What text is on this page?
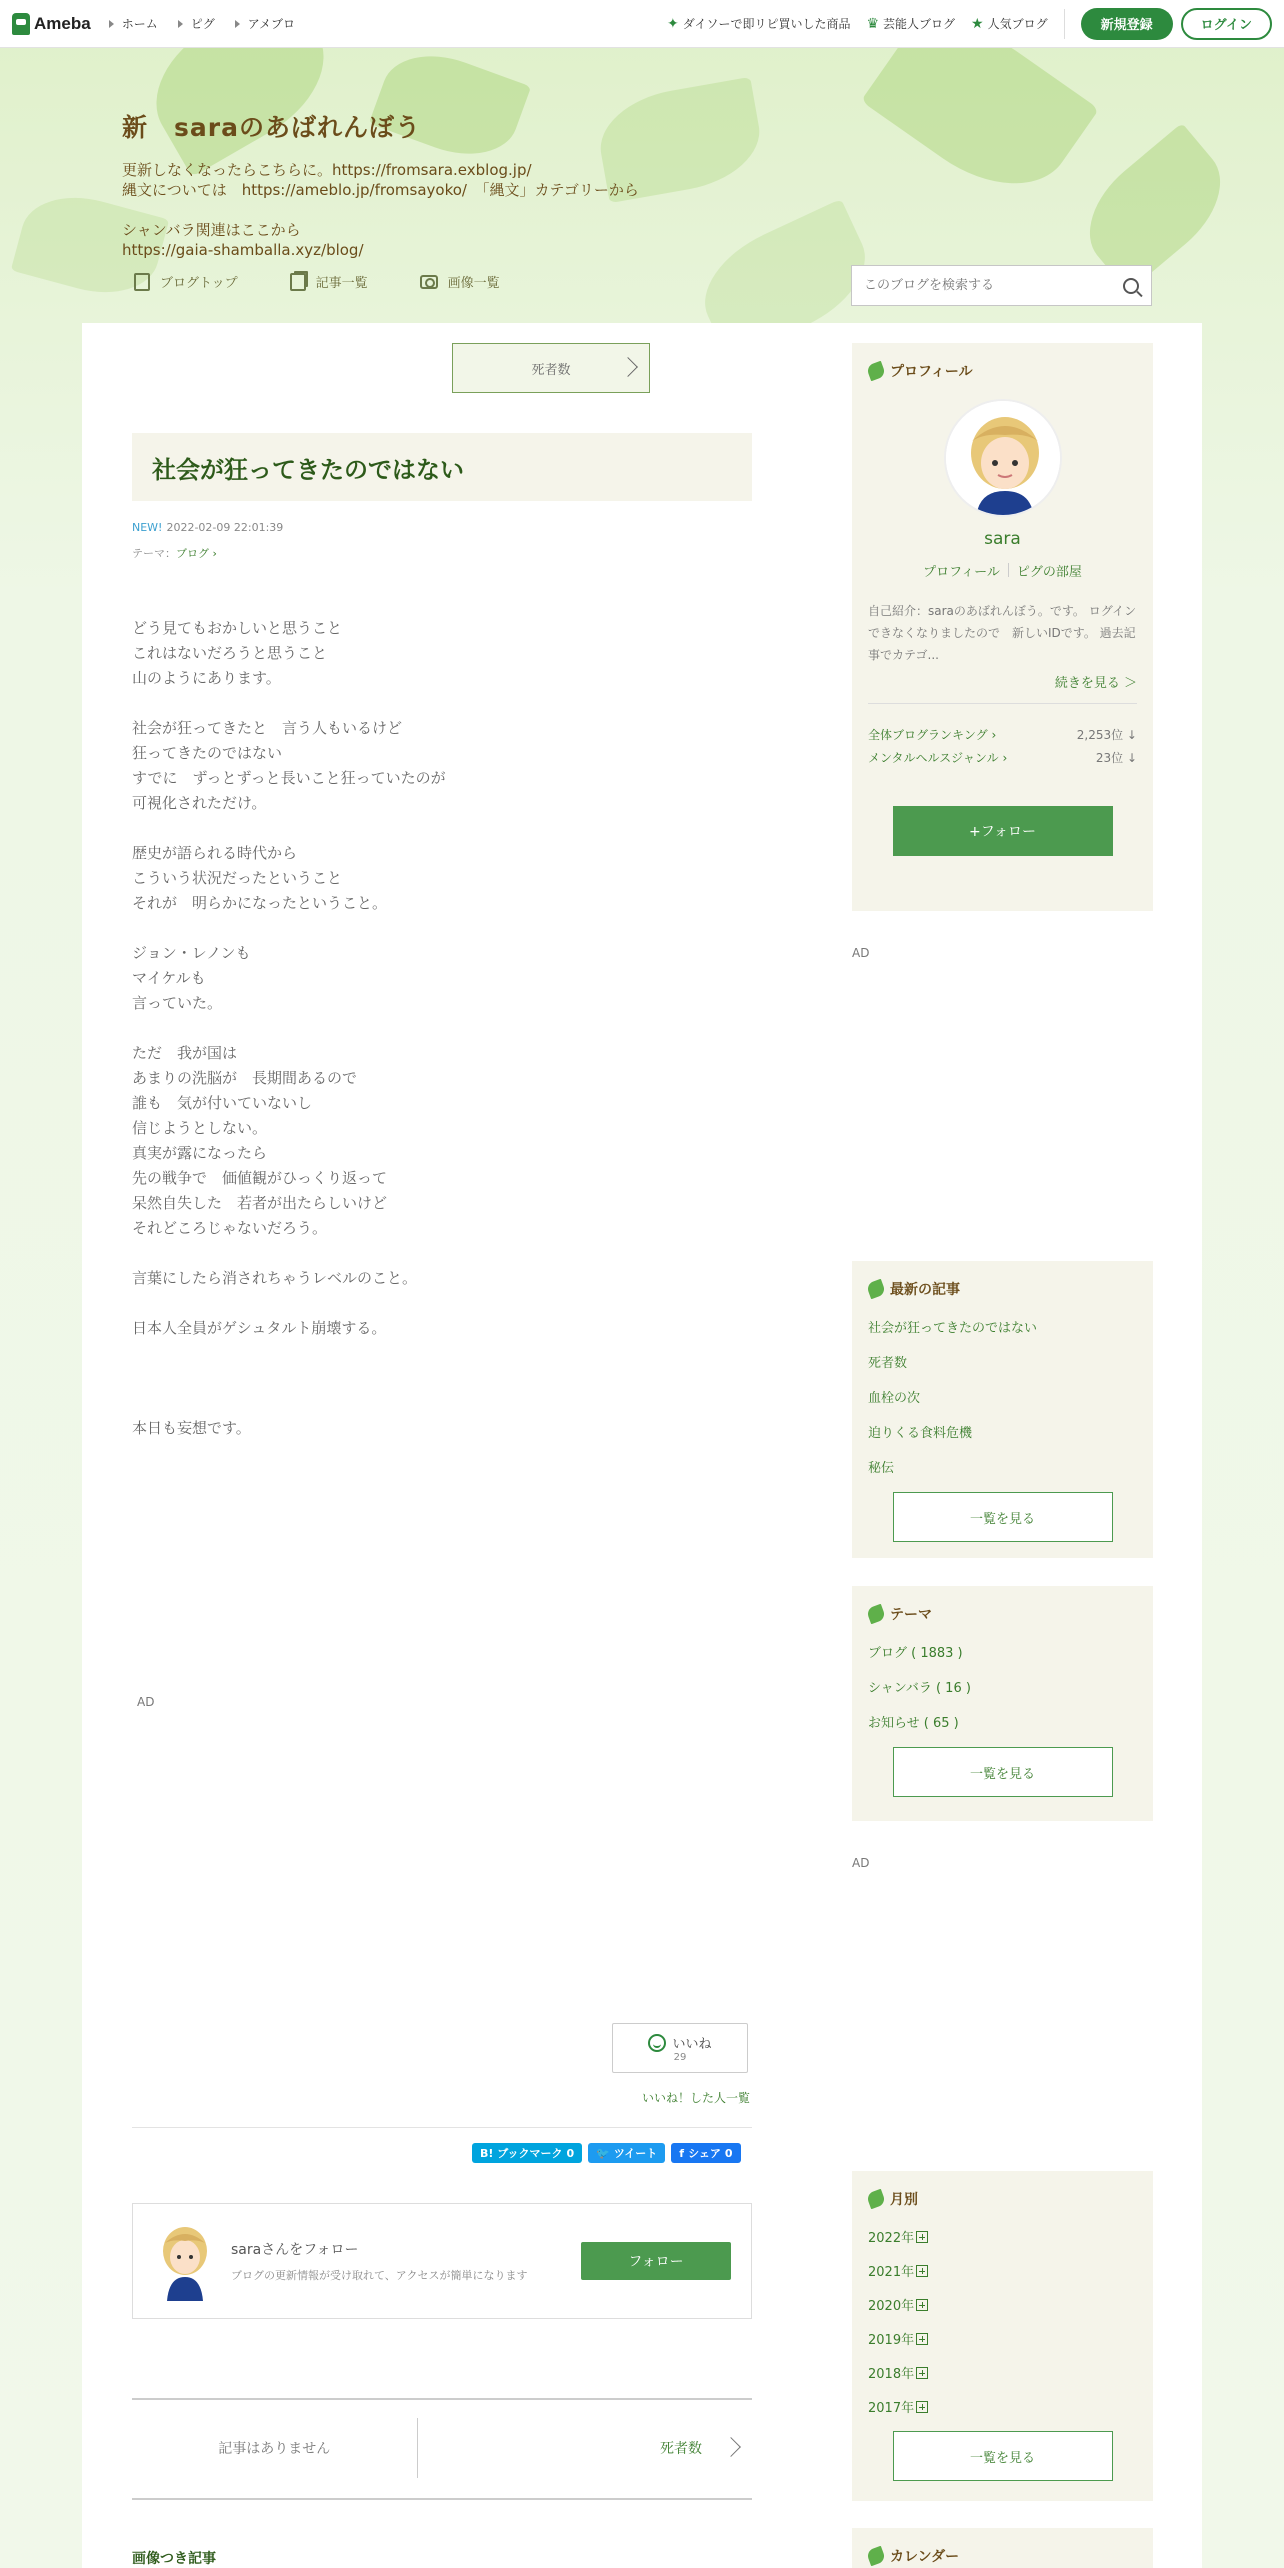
Ameba	ホーム	ピグ	アメブロ	✦ ダイソーで即リピ買いした商品 ♛ 芸能人ブログ ★ 人気ブログ	新規登録	ログイン
新　saraのあばれんぼう
更新しなくなったらこちらに。https://fromsara.exblog.jp/
縄文については　https://ameblo.jp/fromsayoko/　「縄文」カテゴリーから

シャンバラ関連はここから
https://gaia-shamballa.xyz/blog/
ブログトップ	記事一覧	画像一覧
このブログを検索する
死者数
社会が狂ってきたのではない
NEW! 2022-02-09 22:01:39
テーマ：ブログ ›

どう見てもおかしいと思うこと
これはないだろうと思うこと
山のようにあります。

社会が狂ってきたと　言う人もいるけど
狂ってきたのではない
すでに　ずっとずっと長いこと狂っていたのが
可視化されただけ。

歴史が語られる時代から
こういう状況だったということ
それが　明らかになったということ。

ジョン・レノンも
マイケルも
言っていた。

ただ　我が国は
あまりの洗脳が　長期間あるので
誰も　気が付いていないし
信じようとしない。
真実が露になったら
先の戦争で　価値観がひっくり返って
呆然自失した　若者が出たらしいけど
それどころじゃないだろう。

言葉にしたら消されちゃうレベルのこと。

日本人全員がゲシュタルト崩壊する。

本日も妄想です。

AD
いいね
29
いいね！した人一覧
B! ブックマーク 0 🐦 ツイート f シェア 0
saraさんをフォロー
ブログの更新情報が受け取れて、アクセスが簡単になります
フォロー
記事はありません	死者数
画像つき記事
プロフィール
sara
プロフィール ピグの部屋
自己紹介：saraのあばれんぼう。です。 ログインできなくなりましたので　新しいIDです。 過去記事でカテゴ...
続きを見る ＞
全体ブログランキング ›	2,253位 ↓
メンタルヘルスジャンル ›	23位 ↓
+フォロー
AD
最新の記事
社会が狂ってきたのではない
死者数
血栓の次
迫りくる食料危機
秘伝
一覧を見る
テーマ
ブログ ( 1883 )
シャンバラ ( 16 )
お知らせ ( 65 )
一覧を見る
AD
月別
2022年
2021年
2020年
2019年
2018年
2017年
一覧を見る
カレンダー
